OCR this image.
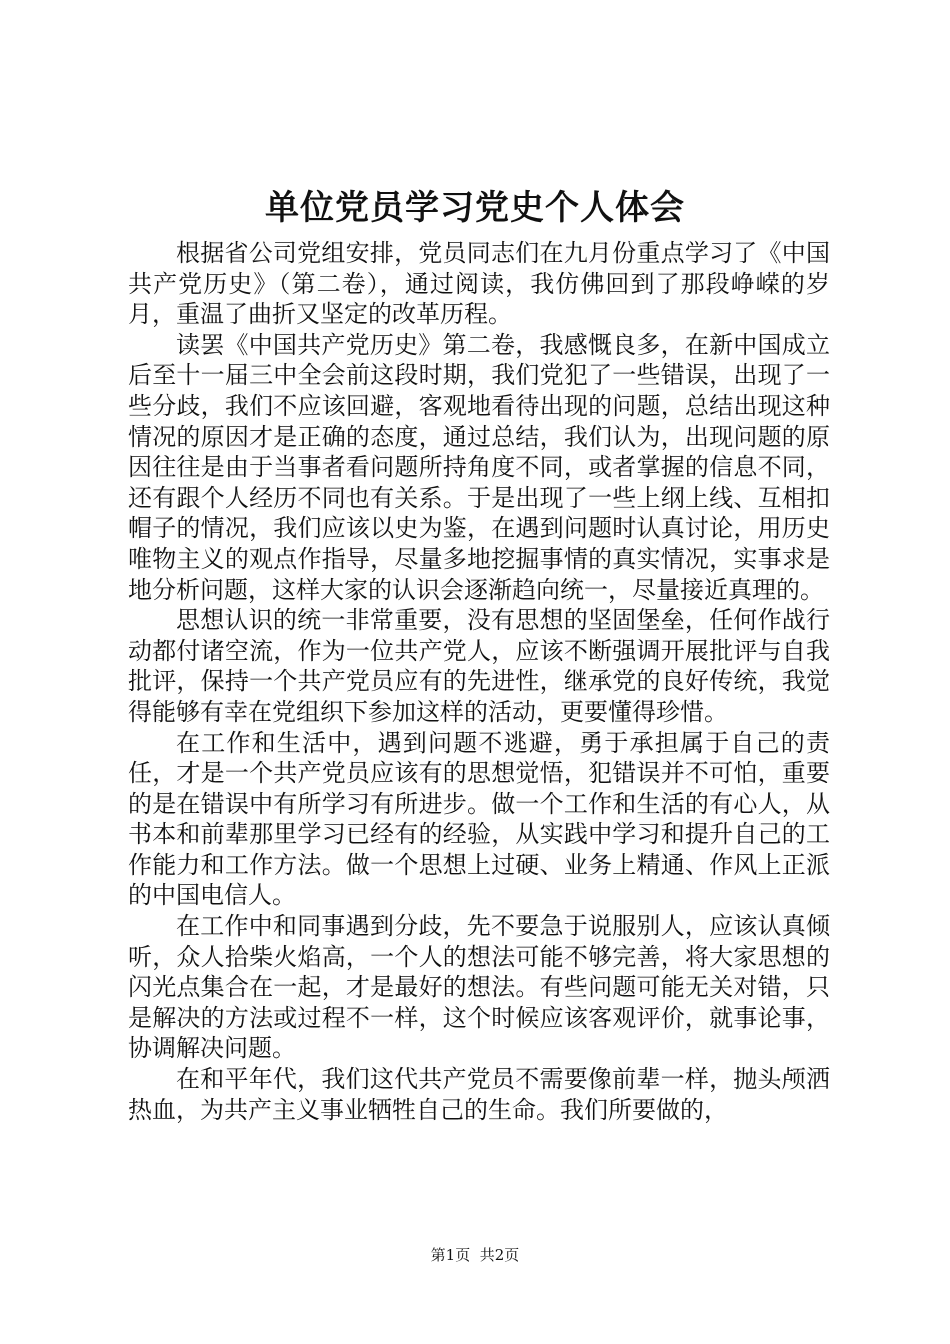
单位党员学习党史个人体会

根据省公司党组安排，党员同志们在九月份重点学习了《中国共产党历史》（第二卷），通过阅读，我仿佛回到了那段峥嵘的岁月，重温了曲折又坚定的改革历程。

读罢《中国共产党历史》第二卷，我感慨良多，在新中国成立后至十一届三中全会前这段时期，我们党犯了一些错误，出现了一些分歧，我们不应该回避，客观地看待出现的问题，总结出现这种情况的原因才是正确的态度，通过总结，我们认为，出现问题的原因往往是由于当事者看问题所持角度不同，或者掌握的信息不同，还有跟个人经历不同也有关系。于是出现了一些上纲上线、互相扣帽子的情况，我们应该以史为鉴，在遇到问题时认真讨论，用历史唯物主义的观点作指导，尽量多地挖掘事情的真实情况，实事求是地分析问题，这样大家的认识会逐渐趋向统一，尽量接近真理的。

思想认识的统一非常重要，没有思想的坚固堡垒，任何作战行动都付诸空流，作为一位共产党人，应该不断强调开展批评与自我批评，保持一个共产党员应有的先进性，继承党的良好传统，我觉得能够有幸在党组织下参加这样的活动，更要懂得珍惜。

在工作和生活中，遇到问题不逃避，勇于承担属于自己的责任，才是一个共产党员应该有的思想觉悟，犯错误并不可怕，重要的是在错误中有所学习有所进步。做一个工作和生活的有心人，从书本和前辈那里学习已经有的经验，从实践中学习和提升自己的工作能力和工作方法。做一个思想上过硬、业务上精通、作风上正派的中国电信人。

在工作中和同事遇到分歧，先不要急于说服别人，应该认真倾听，众人拾柴火焰高，一个人的想法可能不够完善，将大家思想的闪光点集合在一起，才是最好的想法。有些问题可能无关对错，只是解决的方法或过程不一样，这个时候应该客观评价，就事论事，协调解决问题。

在和平年代，我们这代共产党员不需要像前辈一样，抛头颅洒热血，为共产主义事业牺牲自己的生命。我们所要做的，

第1页 共2页
